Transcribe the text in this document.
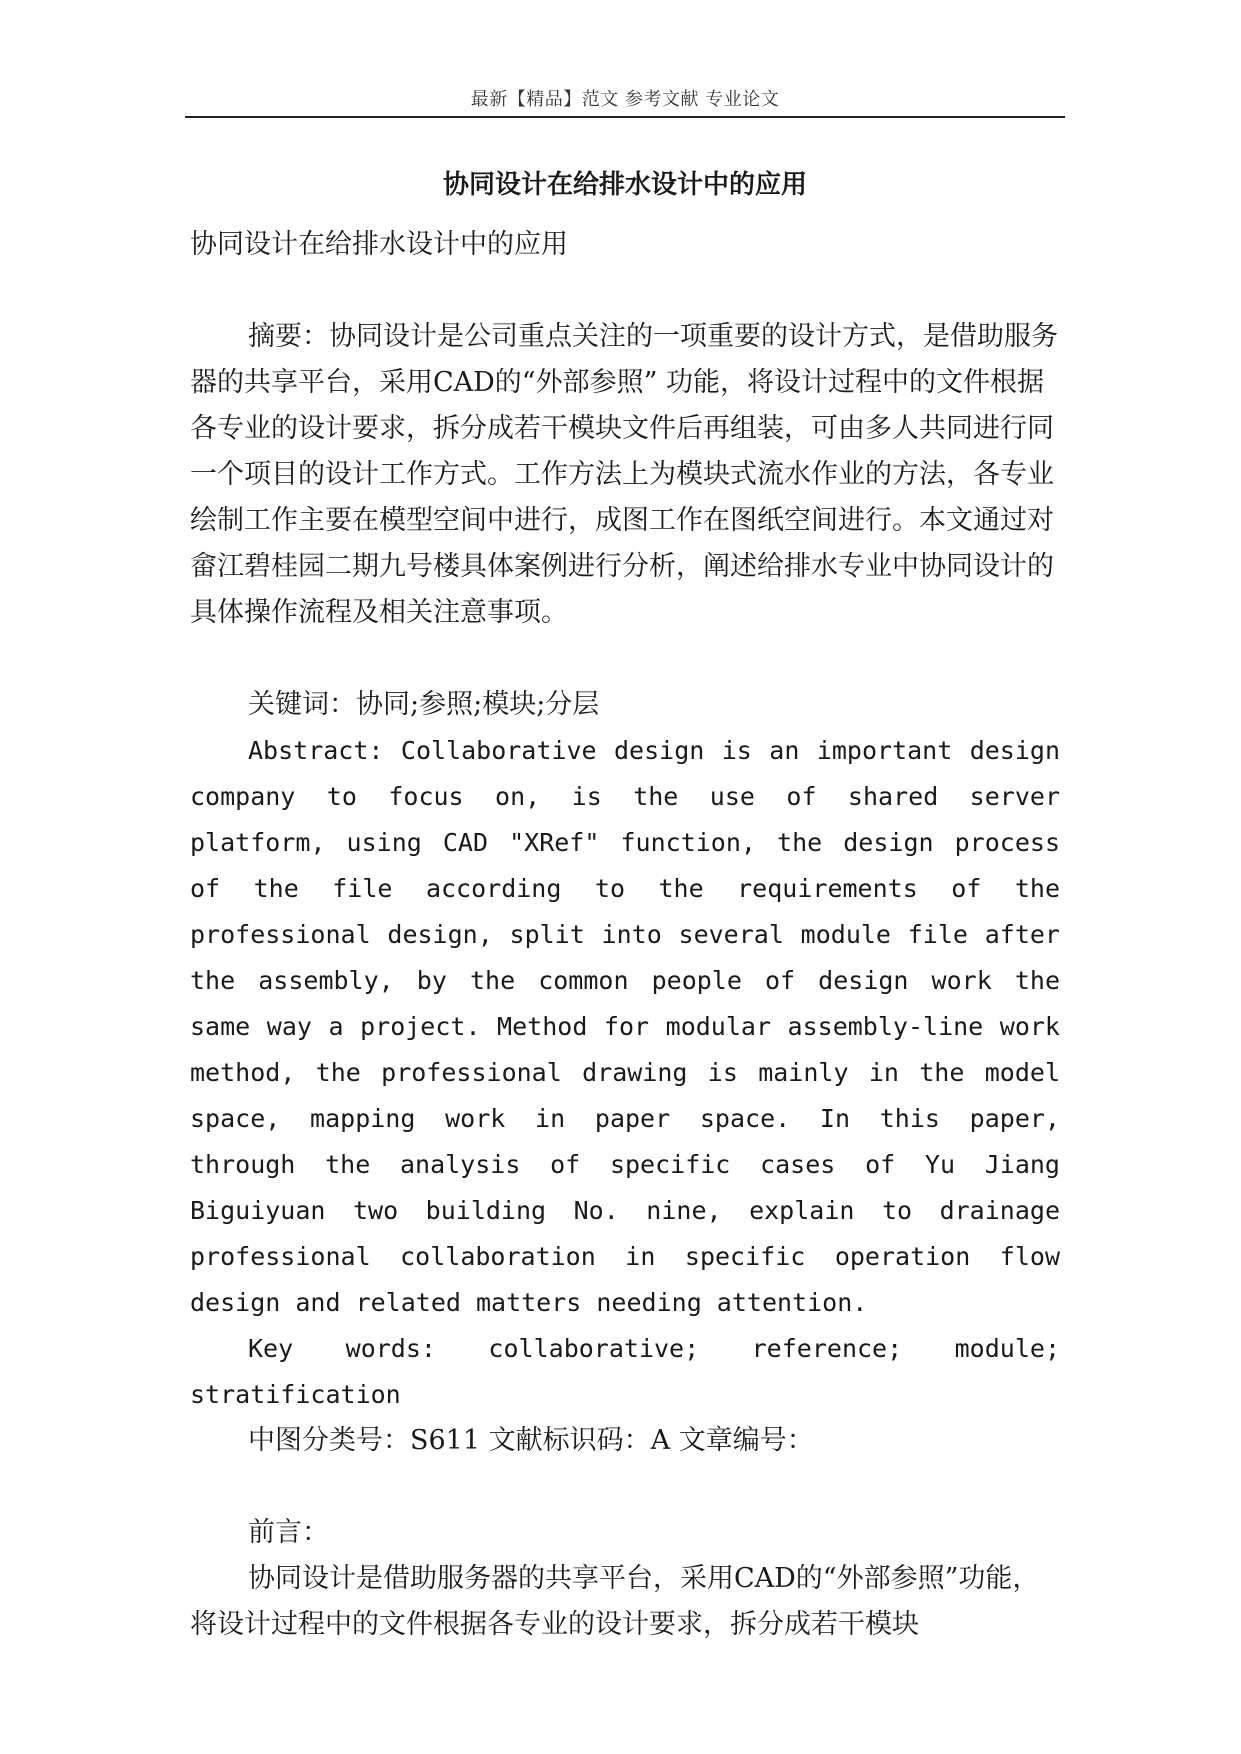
最新【精品】范文 参考文献 专业论文
协同设计在给排水设计中的应用

协同设计在给排水设计中的应用

摘要：协同设计是公司重点关注的一项重要的设计方式，是借助服务器的共享平台，采用CAD的“外部参照” 功能，将设计过程中的文件根据各专业的设计要求，拆分成若干模块文件后再组装，可由多人共同进行同一个项目的设计工作方式。工作方法上为模块式流水作业的方法，各专业绘制工作主要在模型空间中进行，成图工作在图纸空间进行。本文通过对畲江碧桂园二期九号楼具体案例进行分析，阐述给排水专业中协同设计的具体操作流程及相关注意事项。

关键词：协同;参照;模块;分层

Abstract: Collaborative design is an important design company to focus on, is the use of shared server platform, using CAD "XRef" function, the design process of the file according to the requirements of the professional design, split into several module file after the assembly, by the common people of design work the same way a project. Method for modular assembly-line work method, the professional drawing is mainly in the model space, mapping work in paper space. In this paper, through the analysis of specific cases of Yu Jiang Biguiyuan two building No. nine, explain to drainage professional collaboration in specific operation flow design and related matters needing attention.

Key words: collaborative; reference; module; stratification

中图分类号：S611 文献标识码：A 文章编号：

前言：

协同设计是借助服务器的共享平台，采用CAD的“外部参照”功能，将设计过程中的文件根据各专业的设计要求，拆分成若干模块
